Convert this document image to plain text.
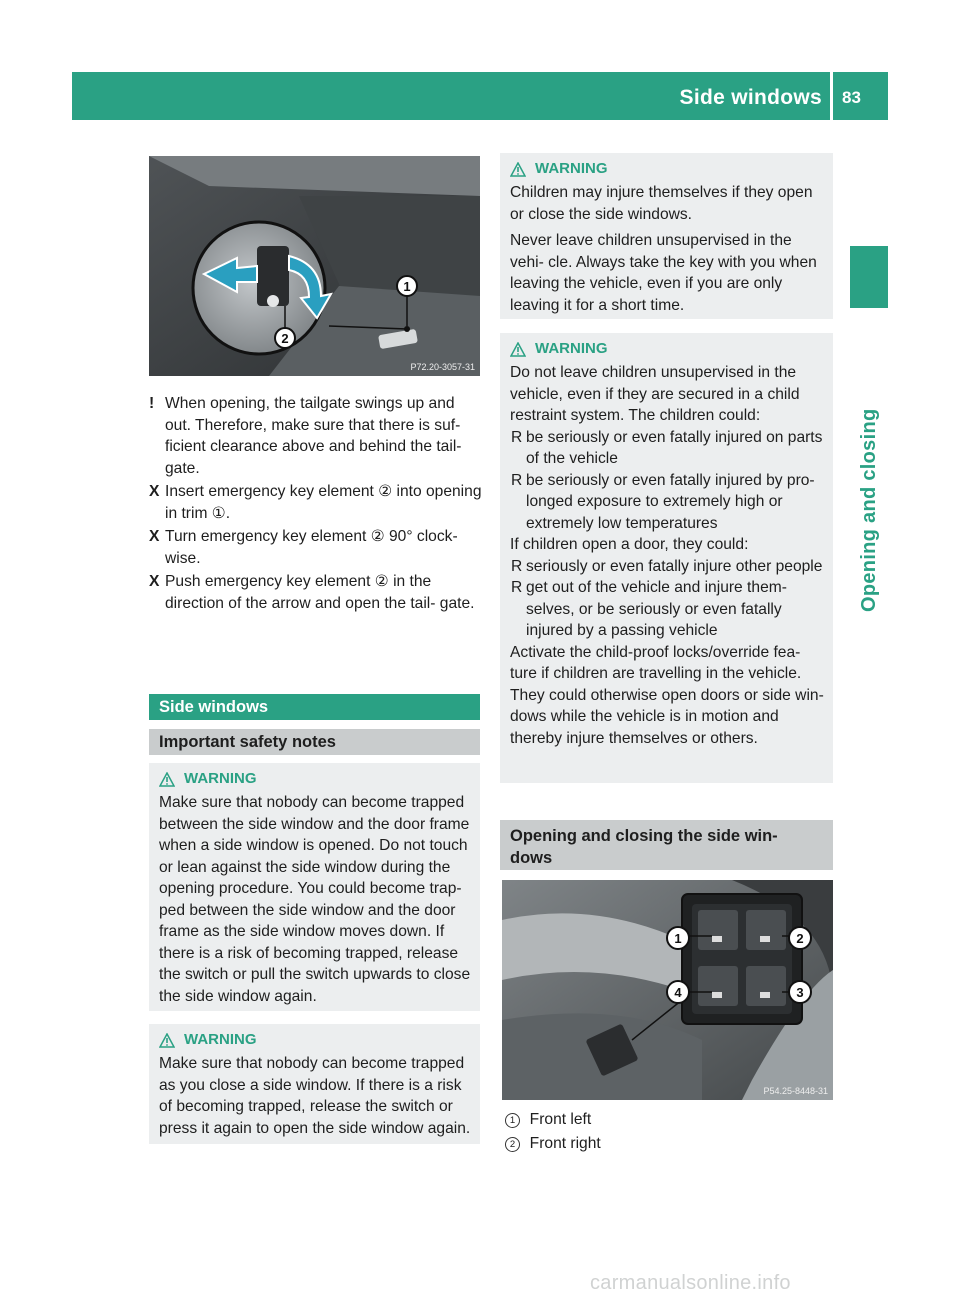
Side windows 83
Opening and closing
2
1
P72.20-3057-31

! When opening, the tailgate swings up and out. Therefore, make sure that there is suf- ficient clearance above and behind the tail- gate.

X Insert emergency key element ② into opening in trim ①.

X Turn emergency key element ② 90° clock- wise.

X Push emergency key element ② in the direction of the arrow and open the tail- gate.

Side windows
Important safety notes
WARNING

Make sure that nobody can become trapped between the side window and the door frame when a side window is opened. Do not touch or lean against the side window during the opening procedure. You could become trap- ped between the side window and the door frame as the side window moves down. If there is a risk of becoming trapped, release the switch or pull the switch upwards to close the side window again.

WARNING

Make sure that nobody can become trapped as you close a side window. If there is a risk of becoming trapped, release the switch or press it again to open the side window again.

WARNING

Children may injure themselves if they open or close the side windows.

Never leave children unsupervised in the vehi- cle. Always take the key with you when leaving the vehicle, even if you are only leaving it for a short time.

WARNING

Do not leave children unsupervised in the vehicle, even if they are secured in a child restraint system. The children could:

R be seriously or even fatally injured on parts of the vehicle

R be seriously or even fatally injured by pro- longed exposure to extremely high or extremely low temperatures

If children open a door, they could:

R seriously or even fatally injure other people

R get out of the vehicle and injure them- selves, or be seriously or even fatally injured by a passing vehicle

Activate the child-proof locks/override fea- ture if children are travelling in the vehicle. They could otherwise open doors or side win- dows while the vehicle is in motion and thereby injure themselves or others.

Opening and closing the side win- dows
1	2
4	3
P54.25-8448-31
1 Front left
2 Front right
carmanualsonline.info
